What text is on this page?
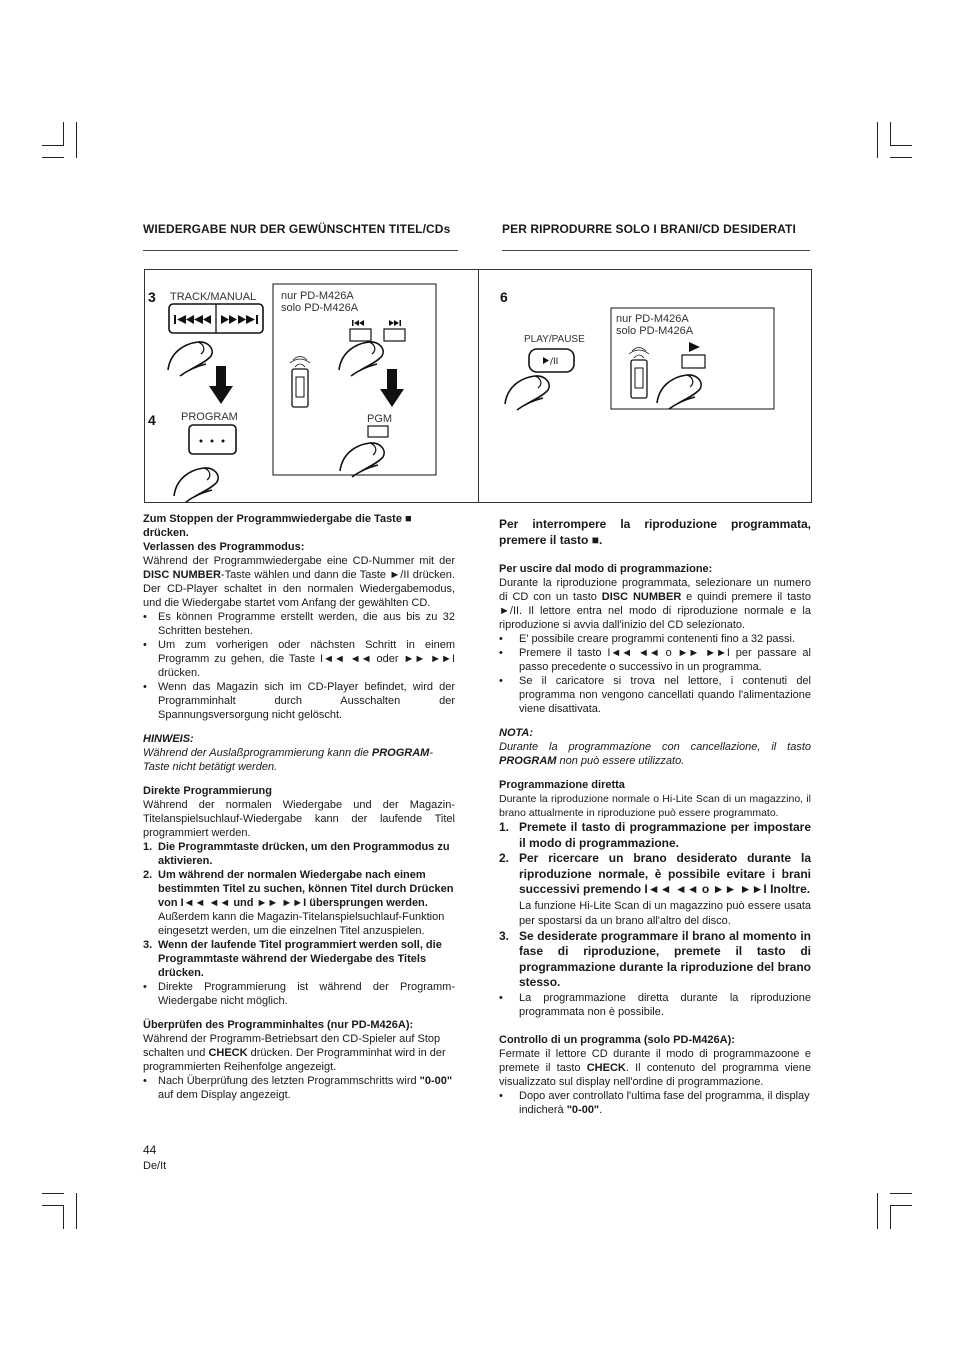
WIEDERGABE NUR DER GEWÜNSCHTEN TITEL/CDs	PER RIPRODURRE SOLO I BRANI/CD DESIDERATI
/II
3
4
6
TRACK/MANUAL
PROGRAM	PGM
PLAY/PAUSE
nur PD-M426A
solo PD-M426A
nur PD-M426A
solo PD-M426A

Zum Stoppen der Programmwiedergabe die Taste ■
drücken.

Verlassen des Programmodus:

Während der Programmwiedergabe eine CD-Nummer mit der DISC NUMBER-Taste wählen und dann die Taste ►/II drücken. Der CD-Player schaltet in den normalen Wiedergabemodus, und die Wiedergabe startet vom Anfang der gewählten CD.

• Es können Programme erstellt werden, die aus bis zu 32 Schritten bestehen.

• Um zum vorherigen oder nächsten Schritt in einem Programm zu gehen, die Taste I◄◄ ◄◄ oder ►► ►►I drücken.

• Wenn das Magazin sich im CD-Player befindet, wird der Programminhalt durch Ausschalten der Spannungsversorgung nicht gelöscht.

HINWEIS:

Während der Auslaßprogrammierung kann die PROGRAM-Taste nicht betätigt werden.

Direkte Programmierung

Während der normalen Wiedergabe und der Magazin-Titelanspielsuchlauf-Wiedergabe kann der laufende Titel programmiert werden.

1. Die Programmtaste drücken, um den Programmodus zu aktivieren.

2. Um während der normalen Wiedergabe nach einem bestimmten Titel zu suchen, können Titel durch Drücken von I◄◄ ◄◄ und ►► ►►I übersprungen werden.
Außerdem kann die Magazin-Titelanspielsuchlauf-Funktion eingesetzt werden, um die einzelnen Titel anzuspielen.

3. Wenn der laufende Titel programmiert werden soll, die Programmtaste während der Wiedergabe des Titels drücken.

• Direkte Programmierung ist während der Programm-Wiedergabe nicht möglich.

Überprüfen des Programminhaltes (nur PD-M426A):

Während der Programm-Betriebsart den CD-Spieler auf Stop schalten und CHECK drücken. Der Programminhat wird in der programmierten Reihenfolge angezeigt.

• Nach Überprüfung des letzten Programmschritts wird "0-00" auf dem Display angezeigt.

Per interrompere la riproduzione programmata, premere il tasto ■.

Per uscire dal modo di programmazione:

Durante la riproduzione programmata, selezionare un numero di CD con un tasto DISC NUMBER e quindi premere il tasto ►/II. Il lettore entra nel modo di riproduzione normale e la riproduzione si avvia dall'inizio del CD selezionato.

• E' possibile creare programmi contenenti fino a 32 passi.

• Premere il tasto I◄◄ ◄◄ o ►► ►►I per passare al passo precedente o successivo in un programma.

• Se il caricatore si trova nel lettore, i contenuti del programma non vengono cancellati quando l'alimentazione viene disattivata.

NOTA:

Durante la programmazione con cancellazione, il tasto PROGRAM non può essere utilizzato.

Programmazione diretta

Durante la riproduzione normale o Hi-Lite Scan di un magazzino, il brano attualmente in riproduzione può essere programmato.

1. Premete il tasto di programmazione per impostare il modo di programmazione.

2. Per ricercare un brano desiderato durante la riproduzione normale, è possibile evitare i brani successivi premendo I◄◄ ◄◄ o ►► ►►I Inoltre.
La funzione Hi-Lite Scan di un magazzino può essere usata per spostarsi da un brano all'altro del disco.

3. Se desiderate programmare il brano al momento in fase di riproduzione, premete il tasto di programmazione durante la riproduzione del brano stesso.

• La programmazione diretta durante la riproduzione programmata non è possibile.

Controllo di un programma (solo PD-M426A):

Fermate il lettore CD durante il modo di programmazoone e premete il tasto CHECK. Il contenuto del programma viene visualizzato sul display nell'ordine di programmazione.

• Dopo aver controllato l'ultima fase del programma, il display indicherà "0-00".

44
De/It
